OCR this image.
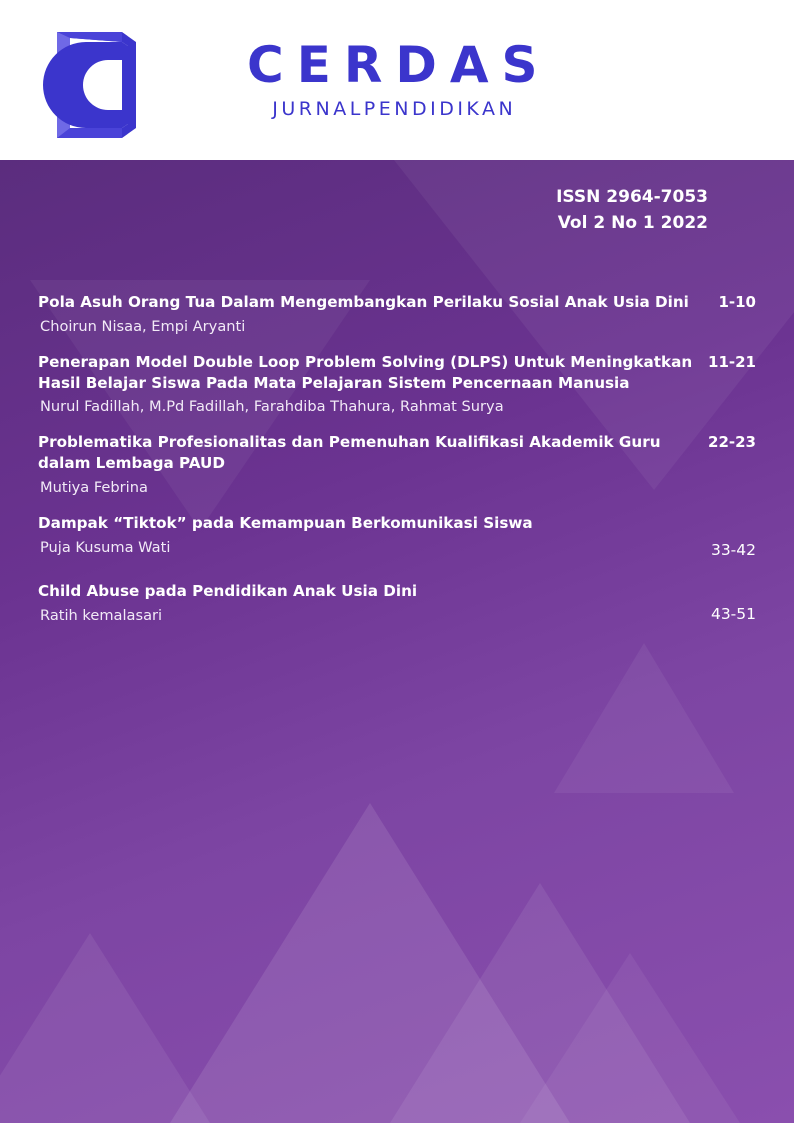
CERDAS
JURNALPENDIDIKAN
ISSN 2964-7053
Vol 2 No 1 2022
Pola Asuh Orang Tua Dalam Mengembangkan Perilaku Sosial Anak Usia Dini
Choirun Nisaa, Empi Aryanti
1-10
Penerapan Model Double Loop Problem Solving (DLPS) Untuk Meningkatkan Hasil Belajar Siswa Pada Mata Pelajaran Sistem Pencernaan Manusia
Nurul Fadillah, M.Pd Fadillah, Farahdiba Thahura, Rahmat Surya
11-21
Problematika Profesionalitas dan Pemenuhan Kualifikasi Akademik Guru dalam Lembaga PAUD
Mutiya Febrina
22-23
Dampak “Tiktok” pada Kemampuan Berkomunikasi Siswa
Puja Kusuma Wati	33-42
Child Abuse pada Pendidikan Anak Usia Dini
Ratih kemalasari	43-51
